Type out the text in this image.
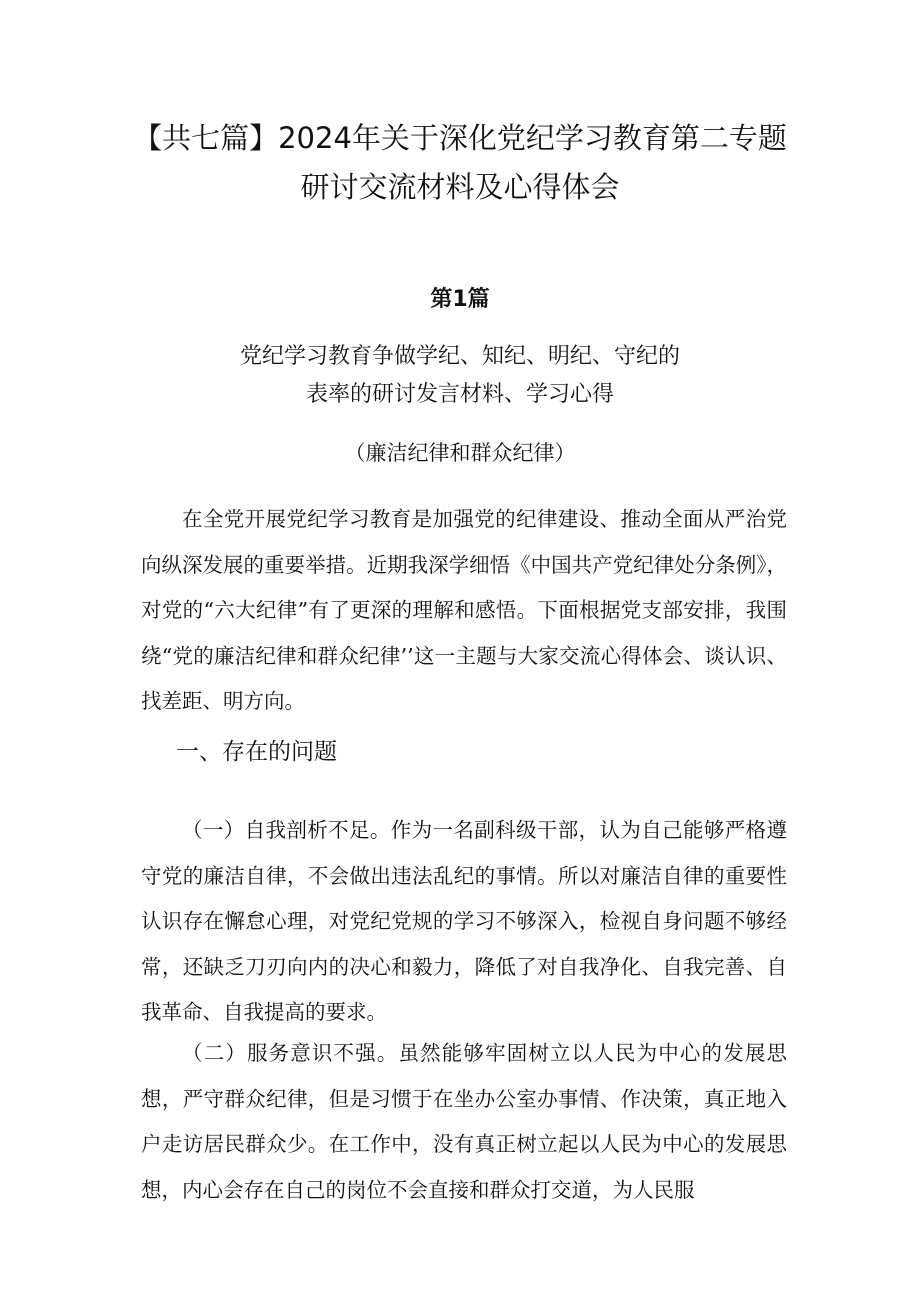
【共七篇】2024年关于深化党纪学习教育第二专题
研讨交流材料及心得体会
第1篇
党纪学习教育争做学纪、知纪、明纪、守纪的
表率的研讨发言材料、学习心得
（廉洁纪律和群众纪律）

在全党开展党纪学习教育是加强党的纪律建设、推动全面从严治党向纵深发展的重要举措。近期我深学细悟《中国共产党纪律处分条例》，对党的“六大纪律”有了更深的理解和感悟。下面根据党支部安排，我围绕“党的廉洁纪律和群众纪律’’这一主题与大家交流心得体会、谈认识、找差距、明方向。

一、存在的问题

（一）自我剖析不足。作为一名副科级干部，认为自己能够严格遵守党的廉洁自律，不会做出违法乱纪的事情。所以对廉洁自律的重要性认识存在懈怠心理，对党纪党规的学习不够深入，检视自身问题不够经常，还缺乏刀刃向内的决心和毅力，降低了对自我净化、自我完善、自我革命、自我提高的要求。

（二）服务意识不强。虽然能够牢固树立以人民为中心的发展思想，严守群众纪律，但是习惯于在坐办公室办事情、作决策，真正地入户走访居民群众少。在工作中，没有真正树立起以人民为中心的发展思想，内心会存在自己的岗位不会直接和群众打交道，为人民服
